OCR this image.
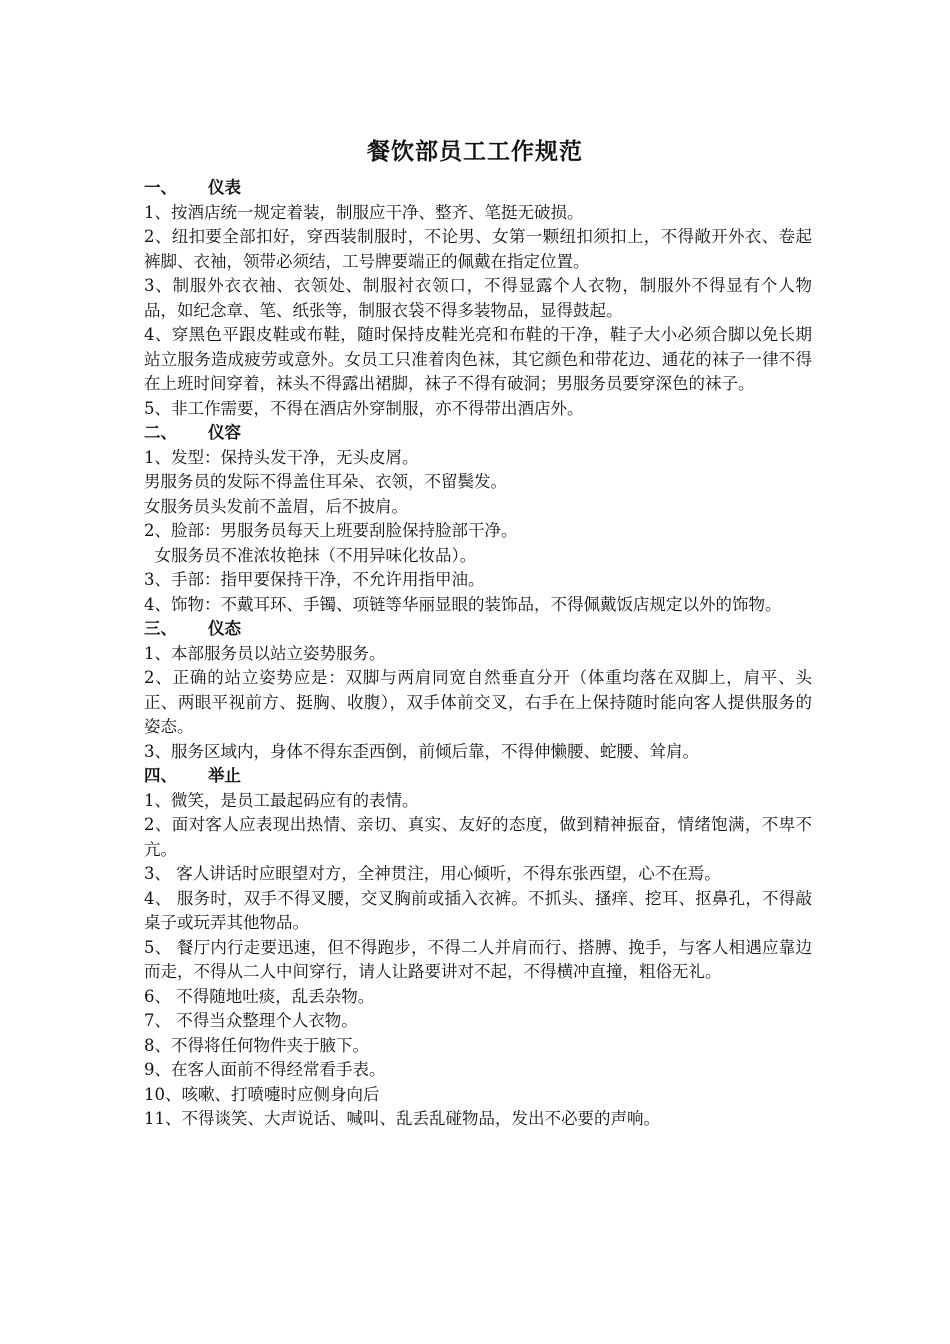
餐饮部员工工作规范
一、 仪表
1、按酒店统一规定着装，制服应干净、整齐、笔挺无破损。
2、纽扣要全部扣好，穿西装制服时，不论男、女第一颗纽扣须扣上，不得敞开外衣、卷起裤脚、衣袖，领带必须结，工号牌要端正的佩戴在指定位置。
3、制服外衣衣袖、衣领处、制服衬衣领口，不得显露个人衣物，制服外不得显有个人物品，如纪念章、笔、纸张等，制服衣袋不得多装物品，显得鼓起。
4、穿黑色平跟皮鞋或布鞋，随时保持皮鞋光亮和布鞋的干净，鞋子大小必须合脚以免长期站立服务造成疲劳或意外。女员工只准着肉色袜，其它颜色和带花边、通花的袜子一律不得在上班时间穿着，袜头不得露出裙脚，袜子不得有破洞；男服务员要穿深色的袜子。
5、非工作需要，不得在酒店外穿制服，亦不得带出酒店外。
二、 仪容
1、发型：保持头发干净，无头皮屑。
男服务员的发际不得盖住耳朵、衣领，不留鬓发。
女服务员头发前不盖眉，后不披肩。
2、脸部：男服务员每天上班要刮脸保持脸部干净。
女服务员不准浓妆艳抹（不用异味化妆品）。
3、手部：指甲要保持干净，不允许用指甲油。
4、饰物：不戴耳环、手镯、项链等华丽显眼的装饰品，不得佩戴饭店规定以外的饰物。
三、 仪态
1、本部服务员以站立姿势服务。
2、正确的站立姿势应是：双脚与两肩同宽自然垂直分开（体重均落在双脚上，肩平、头正、两眼平视前方、挺胸、收腹），双手体前交叉，右手在上保持随时能向客人提供服务的姿态。
3、服务区域内，身体不得东歪西倒，前倾后靠，不得伸懒腰、蛇腰、耸肩。
四、 举止
1、微笑，是员工最起码应有的表情。
2、面对客人应表现出热情、亲切、真实、友好的态度，做到精神振奋，情绪饱满，不卑不亢。
3、 客人讲话时应眼望对方，全神贯注，用心倾听，不得东张西望，心不在焉。
4、 服务时，双手不得叉腰，交叉胸前或插入衣裤。不抓头、搔痒、挖耳、抠鼻孔，不得敲桌子或玩弄其他物品。
5、 餐厅内行走要迅速，但不得跑步，不得二人并肩而行、搭膊、挽手，与客人相遇应靠边而走，不得从二人中间穿行，请人让路要讲对不起，不得横冲直撞，粗俗无礼。
6、 不得随地吐痰，乱丢杂物。
7、 不得当众整理个人衣物。
8、不得将任何物件夹于腋下。
9、在客人面前不得经常看手表。
10、咳嗽、打喷嚏时应侧身向后
11、不得谈笑、大声说话、喊叫、乱丢乱碰物品，发出不必要的声响。
